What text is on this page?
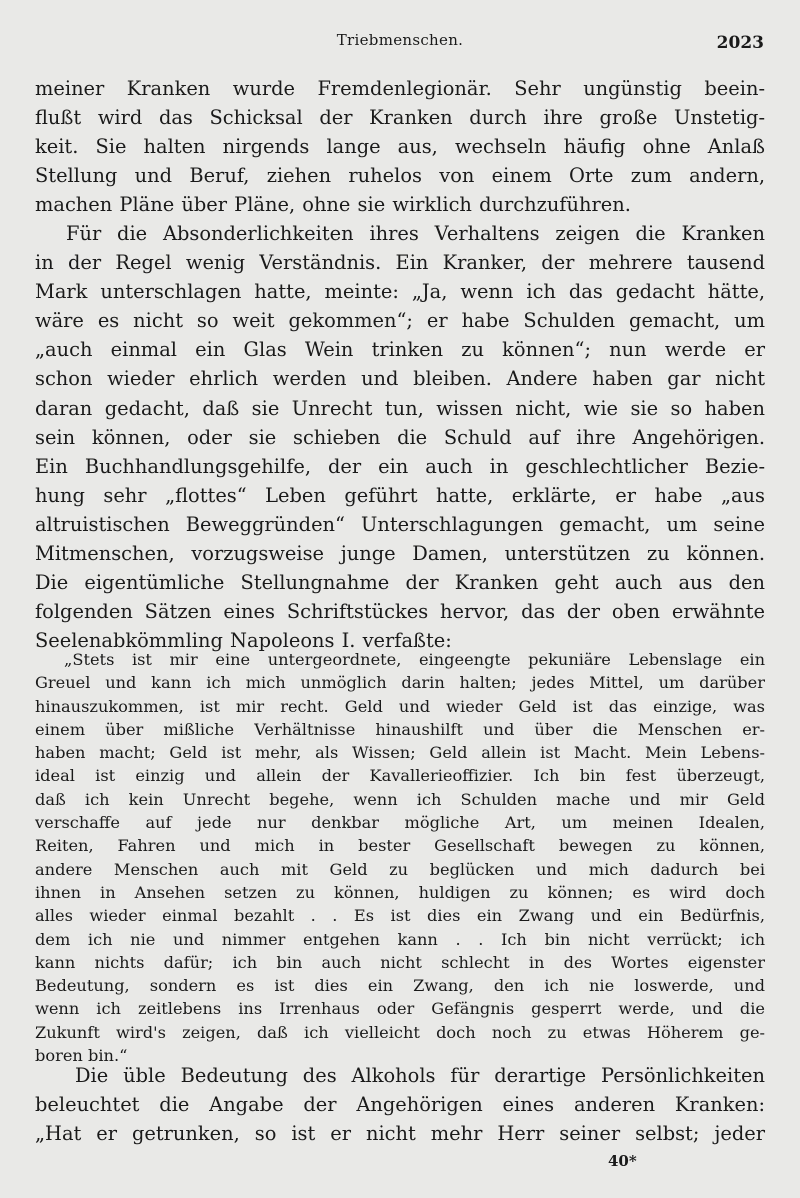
Triebmenschen.	2023
meiner Kranken wurde Fremdenlegionär. Sehr ungünstig beein-
flußt wird das Schicksal der Kranken durch ihre große Unstetig-
keit. Sie halten nirgends lange aus, wechseln häufig ohne Anlaß
Stellung und Beruf, ziehen ruhelos von einem Orte zum andern,
machen Pläne über Pläne, ohne sie wirklich durchzuführen.
Für die Absonderlichkeiten ihres Verhaltens zeigen die Kranken
in der Regel wenig Verständnis. Ein Kranker, der mehrere tausend
Mark unterschlagen hatte, meinte: „Ja, wenn ich das gedacht hätte,
wäre es nicht so weit gekommen“; er habe Schulden gemacht, um
„auch einmal ein Glas Wein trinken zu können“; nun werde er
schon wieder ehrlich werden und bleiben. Andere haben gar nicht
daran gedacht, daß sie Unrecht tun, wissen nicht, wie sie so haben
sein können, oder sie schieben die Schuld auf ihre Angehörigen.
Ein Buchhandlungsgehilfe, der ein auch in geschlechtlicher Bezie-
hung sehr „flottes“ Leben geführt hatte, erklärte, er habe „aus
altruistischen Beweggründen“ Unterschlagungen gemacht, um seine
Mitmenschen, vorzugsweise junge Damen, unterstützen zu können.
Die eigentümliche Stellungnahme der Kranken geht auch aus den
folgenden Sätzen eines Schriftstückes hervor, das der oben erwähnte
Seelenabkömmling Napoleons I. verfaßte:
„Stets ist mir eine untergeordnete, eingeengte pekuniäre Lebenslage ein
Greuel und kann ich mich unmöglich darin halten; jedes Mittel, um darüber
hinauszukommen, ist mir recht. Geld und wieder Geld ist das einzige, was
einem über mißliche Verhältnisse hinaushilft und über die Menschen er-
haben macht; Geld ist mehr, als Wissen; Geld allein ist Macht. Mein Lebens-
ideal ist einzig und allein der Kavallerieoffizier. Ich bin fest überzeugt,
daß ich kein Unrecht begehe, wenn ich Schulden mache und mir Geld
verschaffe auf jede nur denkbar mögliche Art, um meinen Idealen,
Reiten, Fahren und mich in bester Gesellschaft bewegen zu können,
andere Menschen auch mit Geld zu beglücken und mich dadurch bei
ihnen in Ansehen setzen zu können, huldigen zu können; es wird doch
alles wieder einmal bezahlt . . Es ist dies ein Zwang und ein Bedürfnis,
dem ich nie und nimmer entgehen kann . . Ich bin nicht verrückt; ich
kann nichts dafür; ich bin auch nicht schlecht in des Wortes eigenster
Bedeutung, sondern es ist dies ein Zwang, den ich nie loswerde, und
wenn ich zeitlebens ins Irrenhaus oder Gefängnis gesperrt werde, und die
Zukunft wird's zeigen, daß ich vielleicht doch noch zu etwas Höherem ge-
boren bin.“
Die üble Bedeutung des Alkohols für derartige Persönlichkeiten
beleuchtet die Angabe der Angehörigen eines anderen Kranken:
„Hat er getrunken, so ist er nicht mehr Herr seiner selbst; jeder
40*
